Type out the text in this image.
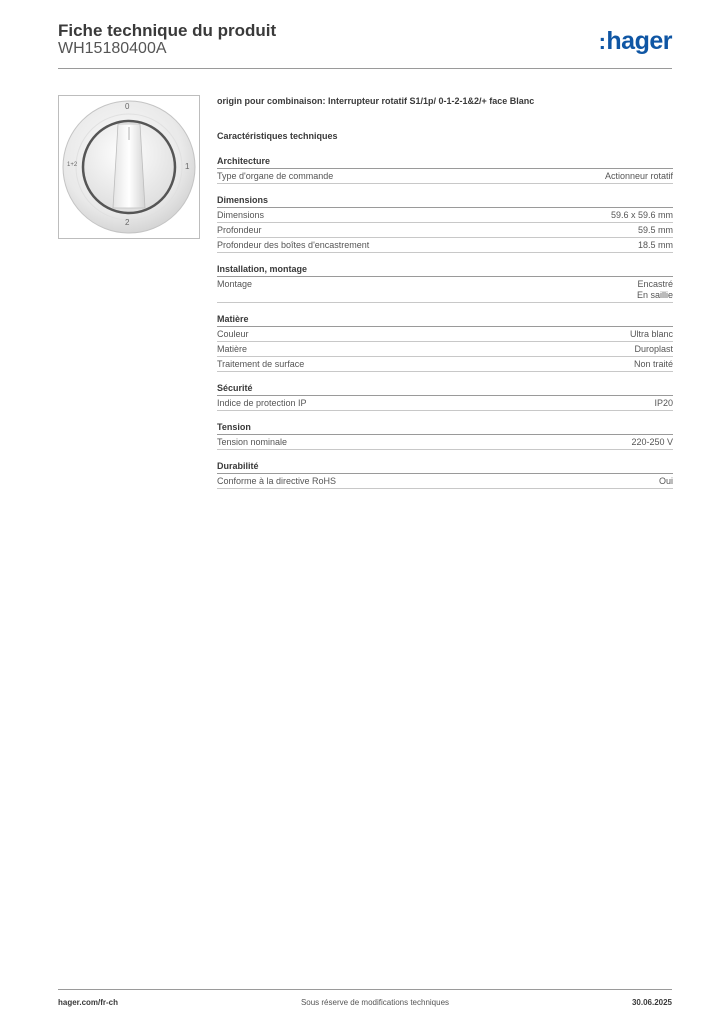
Fiche technique du produit
WH15180400A	:hager
0
1
2
1+2
origin pour combinaison: Interrupteur rotatif S1/1p/ 0-1-2-1&2/+ face Blanc
Caractéristiques techniques
Architecture
Type d'organe de commande	Actionneur rotatif
Dimensions
Dimensions	59.6 x 59.6 mm
Profondeur	59.5 mm
Profondeur des boîtes d'encastrement	18.5 mm
Installation, montage
Montage	Encastré
En saillie
Matière
Couleur	Ultra blanc
Matière	Duroplast
Traitement de surface	Non traité
Sécurité
Indice de protection IP	IP20
Tension
Tension nominale	220-250 V
Durabilité
Conforme à la directive RoHS	Oui
hager.com/fr-ch	Sous réserve de modifications techniques	30.06.2025
